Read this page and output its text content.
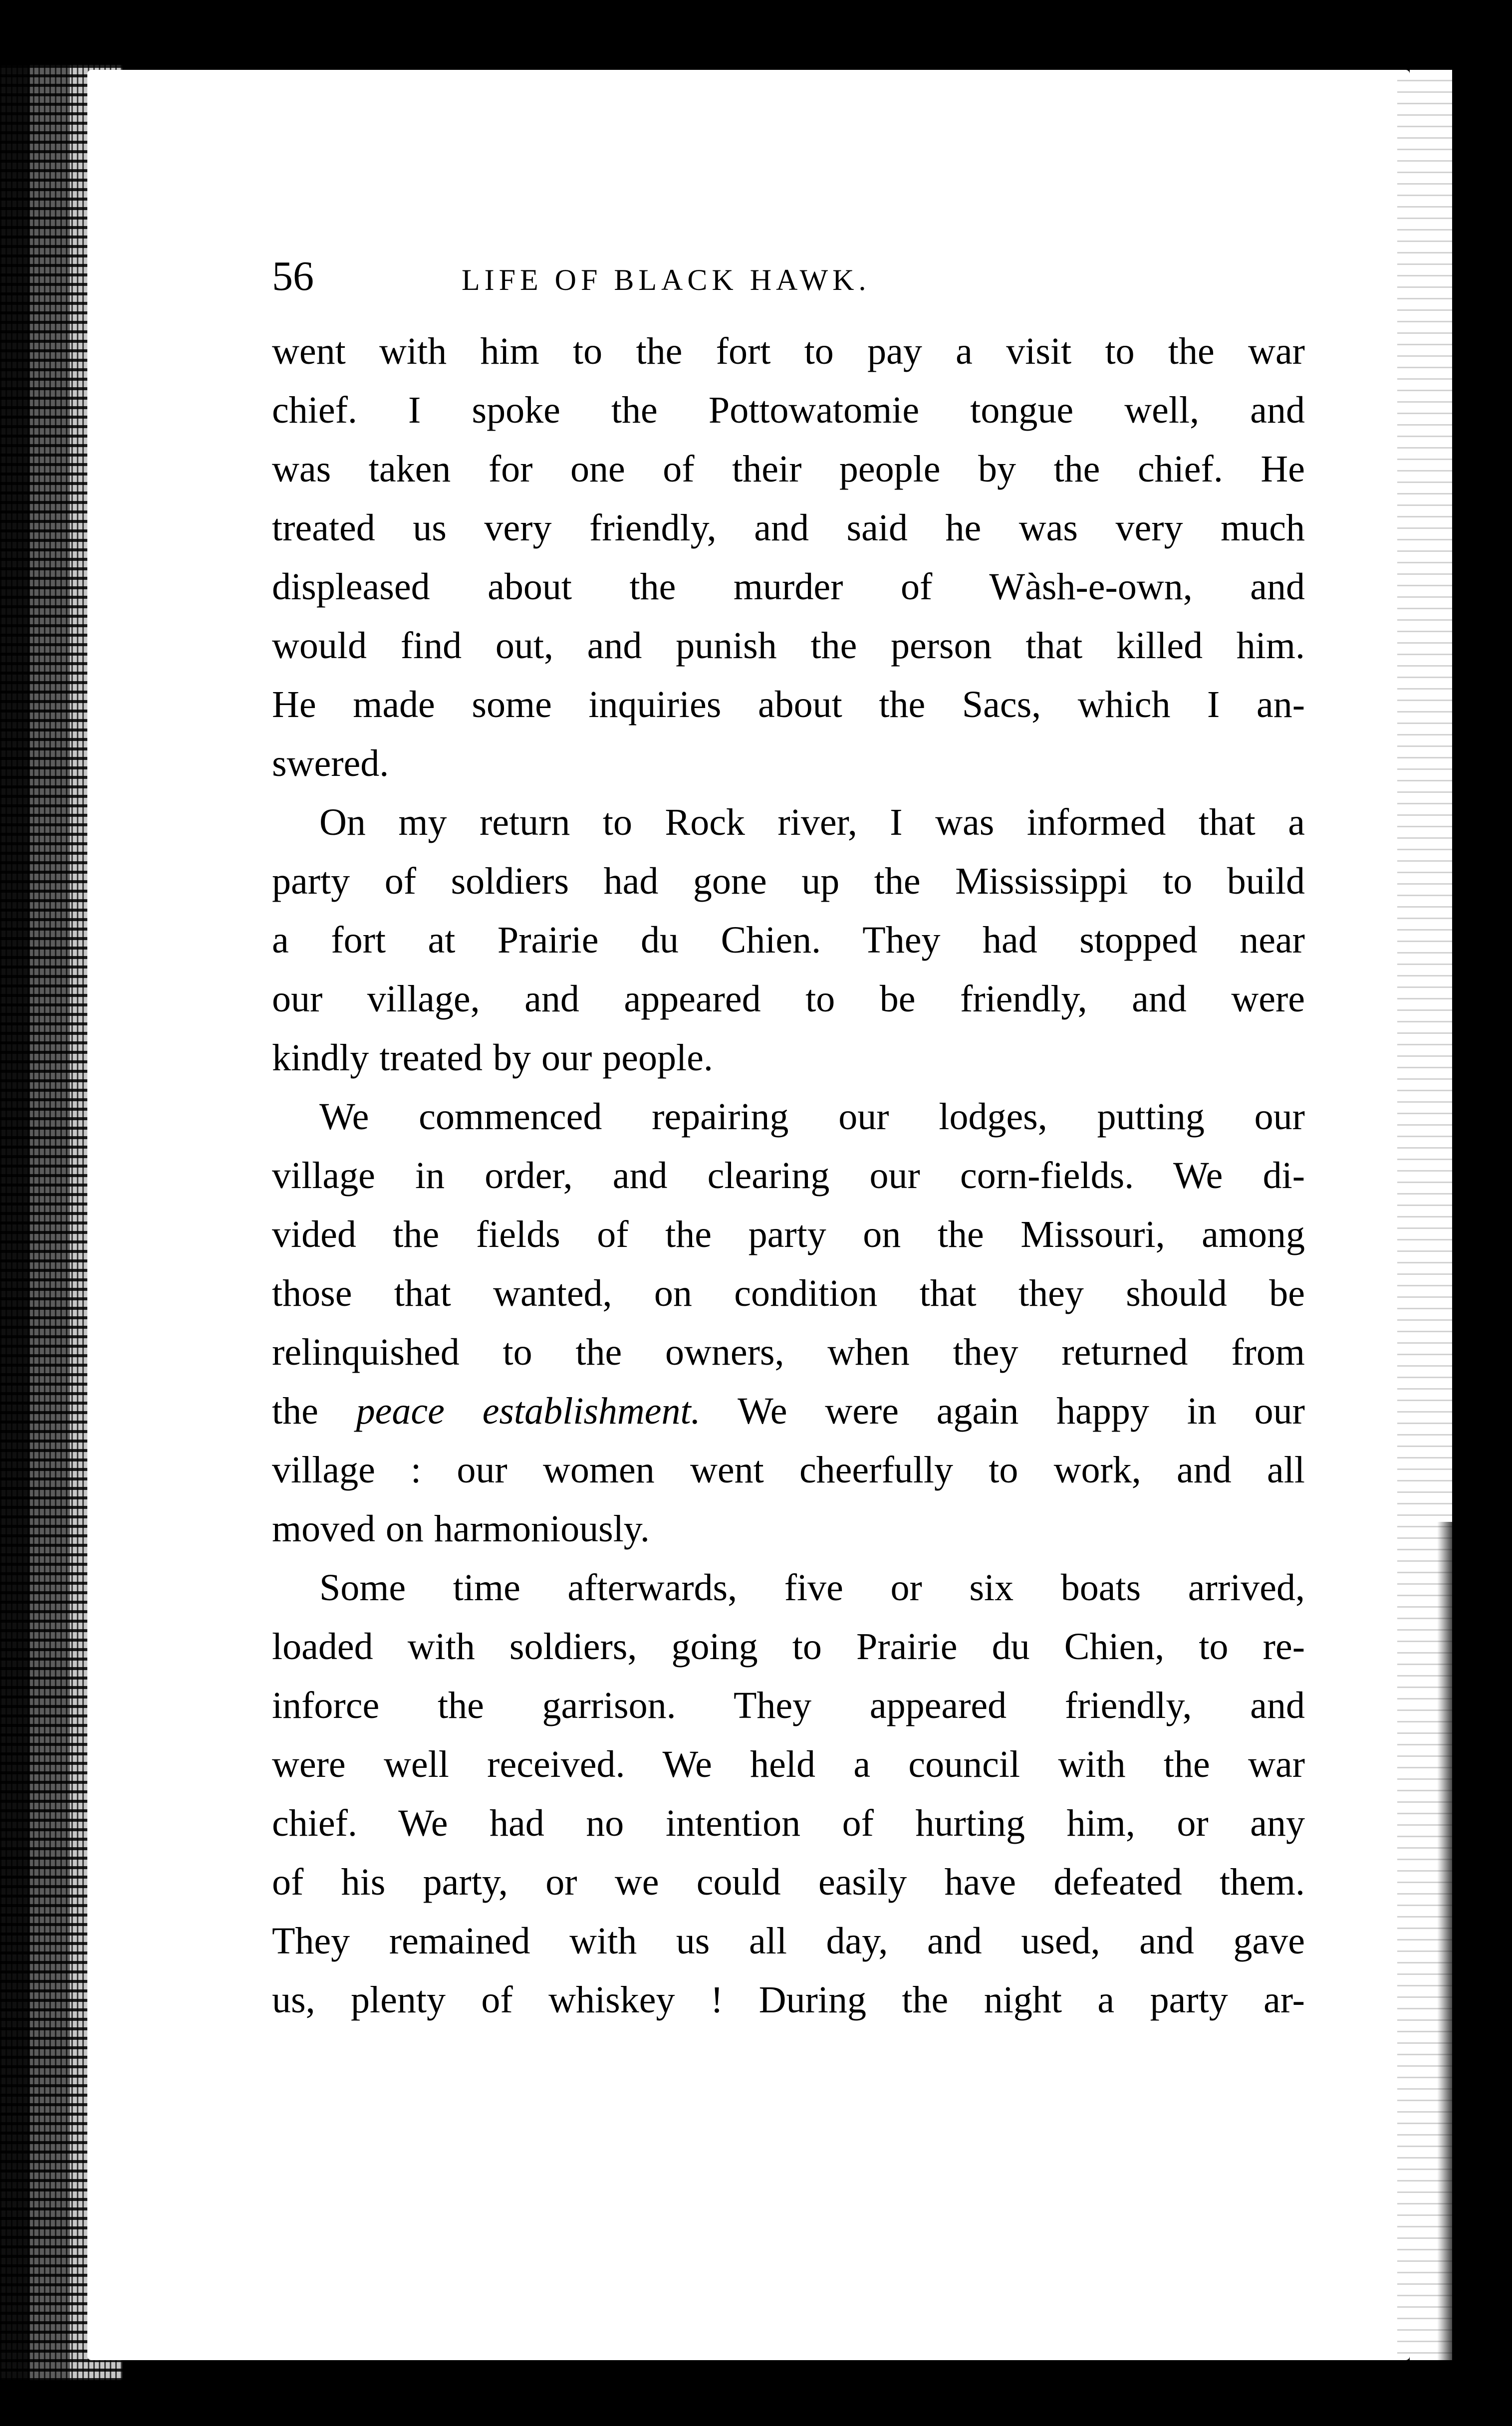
56	LIFE OF BLACK HAWK.

went with him to the fort to pay a visit to the war
chief. I spoke the Pottowatomie tongue well, and
was taken for one of their people by the chief. He
treated us very friendly, and said he was very much
displeased about the murder of Wàsh-e-own, and
would find out, and punish the person that killed him.
He made some inquiries about the Sacs, which I an-
swered.

On my return to Rock river, I was informed that a
party of soldiers had gone up the Mississippi to build
a fort at Prairie du Chien. They had stopped near
our village, and appeared to be friendly, and were
kindly treated by our people.

We commenced repairing our lodges, putting our
village in order, and clearing our corn-fields. We di-
vided the fields of the party on the Missouri, among
those that wanted, on condition that they should be
relinquished to the owners, when they returned from
the peace establishment. We were again happy in our
village : our women went cheerfully to work, and all
moved on harmoniously.

Some time afterwards, five or six boats arrived,
loaded with soldiers, going to Prairie du Chien, to re-
inforce the garrison. They appeared friendly, and
were well received. We held a council with the war
chief. We had no intention of hurting him, or any
of his party, or we could easily have defeated them.
They remained with us all day, and used, and gave
us, plenty of whiskey ! During the night a party ar-
